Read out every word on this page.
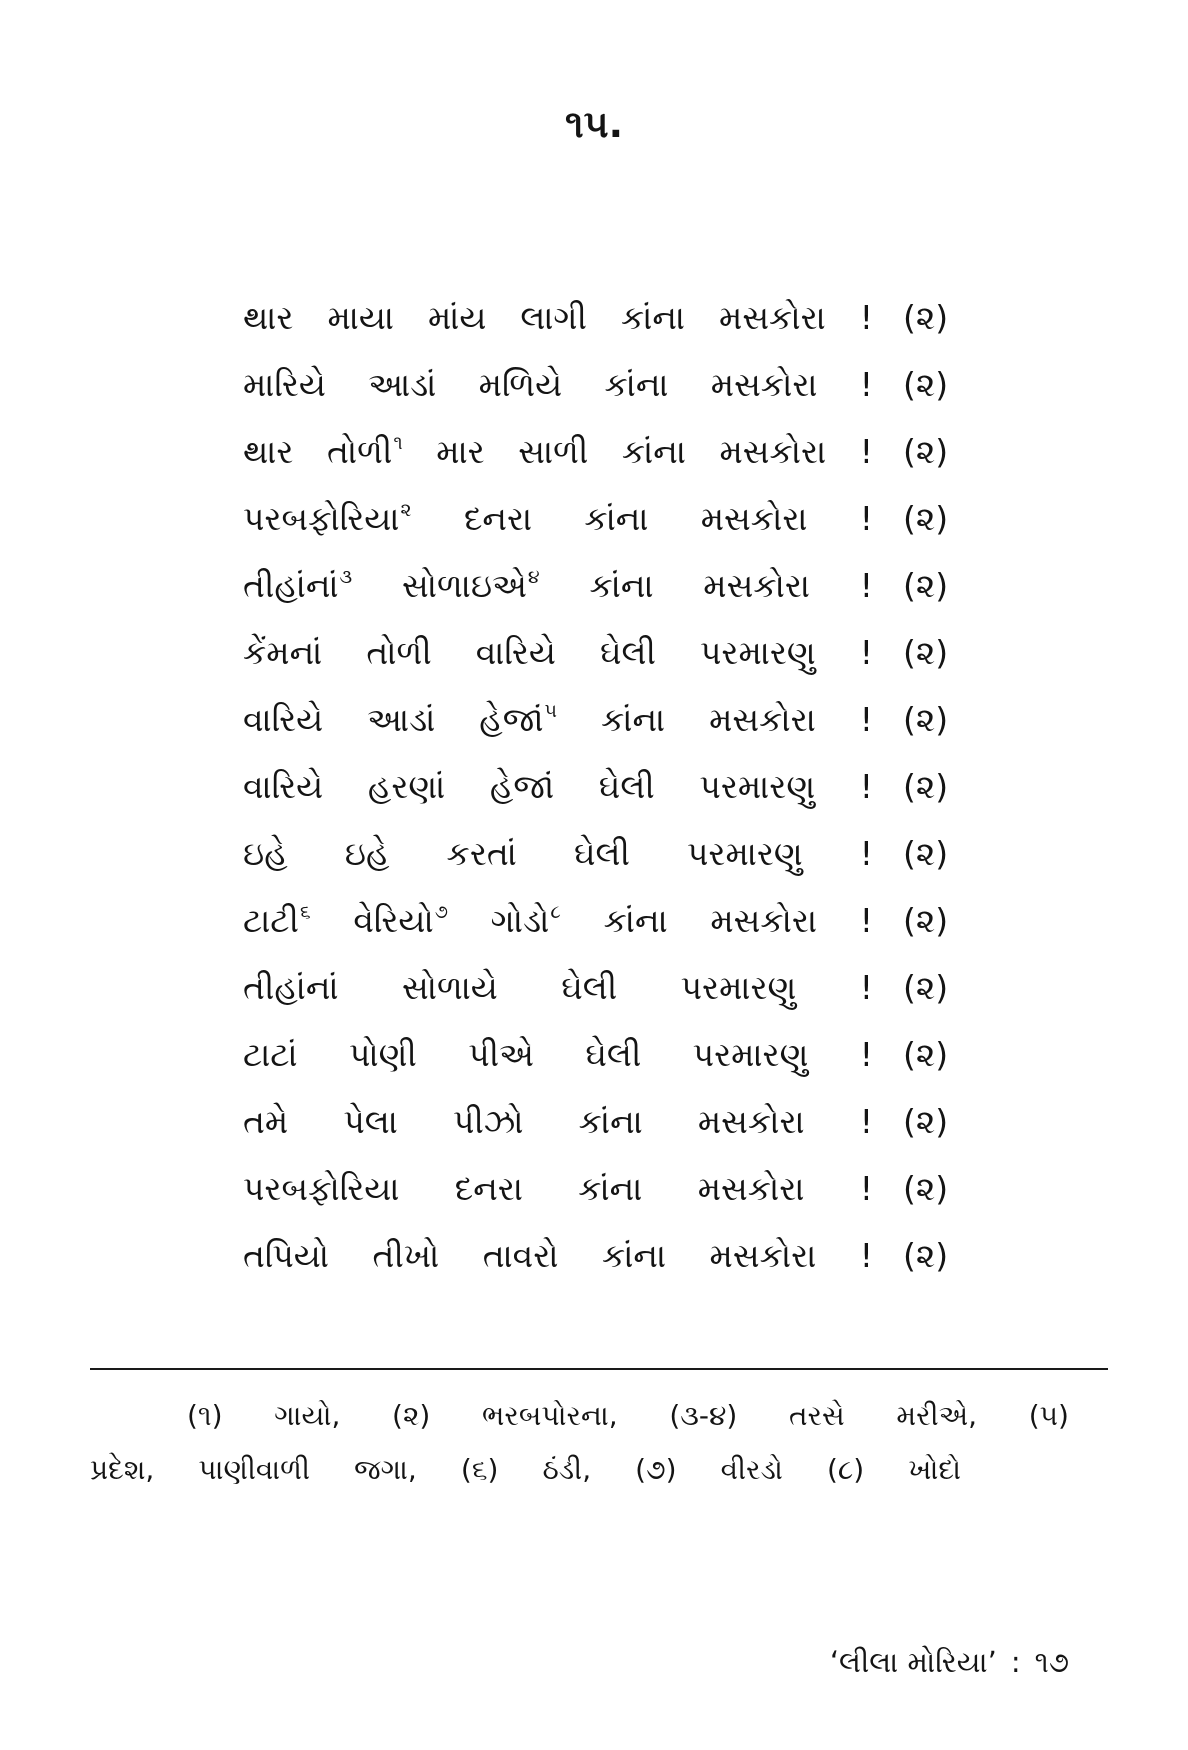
૧૫.
થાર માયા માંય લાગી કાંના મસકોરા ! (૨)
મારિયે આડાં મળિયે કાંના મસકોરા ! (૨)
થાર તોળી$^૧$ માર સાળી કાંના મસકોરા ! (૨)
પરબફોરિયા$^૨$ દનરા કાંના મસકોરા ! (૨)
તીહાંનાં$^૩$ સોળાઇએ$^૪$ કાંના મસકોરા ! (૨)
કેંમનાં તોળી વારિયે ઘેલી પરમારણુ ! (૨)
વારિયે આડાં હેજાં$^૫$ કાંના મસકોરા ! (૨)
વારિયે હરણાં હેજાં ઘેલી પરમારણુ ! (૨)
ઇહે ઇહે કરતાં ઘેલી પરમારણુ ! (૨)
ટાટી$^૬$ વેરિયો$^૭$ ગોડો$^૮$ કાંના મસકોરા ! (૨)
તીહાંનાં સોળાયે ઘેલી પરમારણુ ! (૨)
ટાટાં પોણી પીએ ઘેલી પરમારણુ ! (૨)
તમે પેલા પીઝો કાંના મસકોરા ! (૨)
પરબફોરિયા દનરા કાંના મસકોરા ! (૨)
તપિયો તીખો તાવરો કાંના મસકોરા ! (૨)
(૧) ગાયો, (૨) ભરબપોરના, (૩-૪) તરસે મરીએ, (૫)
પ્રદેશ, પાણીવાળી જગા, (૬) ઠંડી, (૭) વીરડો (૮) ખોદો
‘લીલા મોરિયા’ : ૧૭
